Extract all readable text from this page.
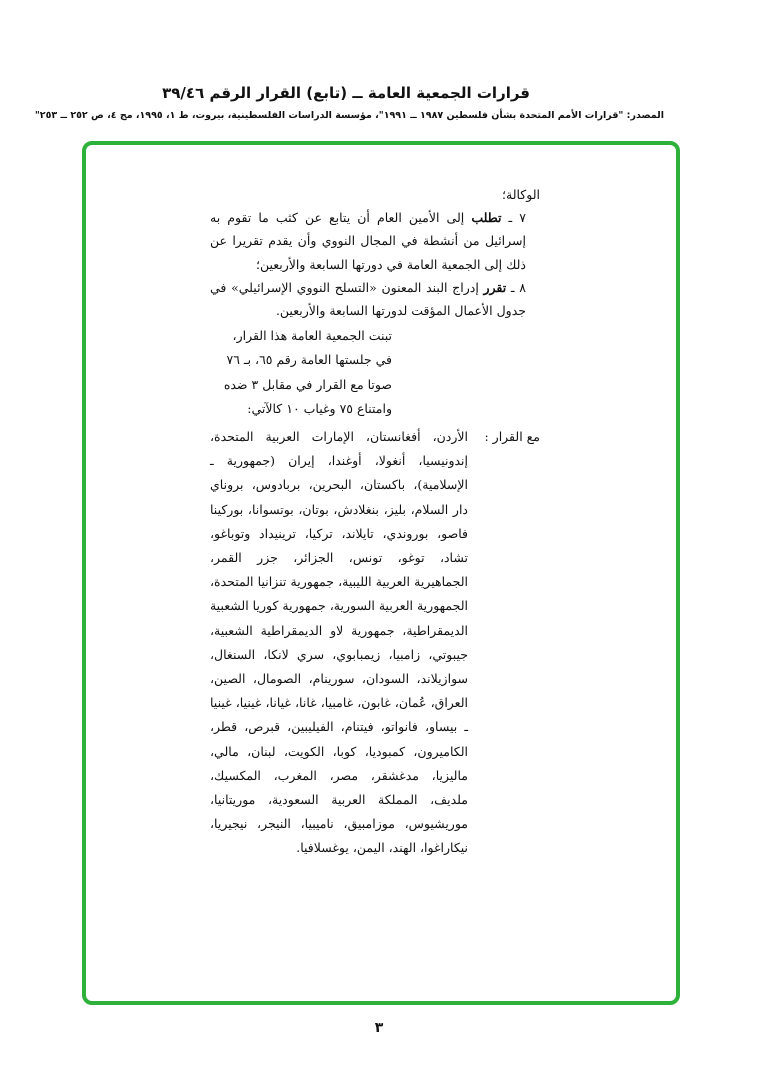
قرارات الجمعية العامة ــ (تابع) القرار الرقم ٣٩/٤٦
المصدر: "قرارات الأمم المتحدة بشأن فلسطين ١٩٨٧ ــ ١٩٩١"، مؤسسة الدراسات الفلسطينية، بيروت، ط ١، ١٩٩٥، مج ٤، ص ٢٥٢ ــ ٢٥٣"

الوكالة؛

٧ ـ تطلب إلى الأمين العام أن يتابع عن كثب ما تقوم به إسرائيل من أنشطة في المجال النووي وأن يقدم تقريرا عن ذلك إلى الجمعية العامة في دورتها السابعة والأربعين؛

٨ ـ تقرر إدراج البند المعنون «التسلح النووي الإسرائيلي» في جدول الأعمال المؤقت لدورتها السابعة والأربعين.

تبنت الجمعية العامة هذا القرار،

في جلستها العامة رقم ٦٥، بـ ٧٦

صوتا مع القرار في مقابل ٣ ضده

وامتناع ٧٥ وغياب ١٠ كالآتي:

مع القرار :

الأردن، أفغانستان، الإمارات العربية المتحدة، إندونيسيا، أنغولا، أوغندا، إيران (جمهورية ـ الإسلامية)، باكستان، البحرين، بربادوس، بروناي دار السلام، بليز، بنغلادش، بوتان، بوتسوانا، بوركينا فاصو، بوروندي، تايلاند، تركيا، ترينيداد وتوباغو، تشاد، توغو، تونس، الجزائر، جزر القمر، الجماهيرية العربية الليبية، جمهورية تنزانيا المتحدة، الجمهورية العربية السورية، جمهورية كوريا الشعبية الديمقراطية، جمهورية لاو الديمقراطية الشعبية، جيبوتي، زامبيا، زيمبابوي، سري لانكا، السنغال، سوازيلاند، السودان، سورينام، الصومال، الصين، العراق، عُمان، غابون، غامبيا، غانا، غيانا، غينيا، غينيا ـ بيساو، فانواتو، فيتنام، الفيليبين، قبرص، قطر، الكاميرون، كمبوديا، كوبا، الكويت، لبنان، مالي، ماليزيا، مدغشقر، مصر، المغرب، المكسيك، ملديف، المملكة العربية السعودية، موريتانيا، موريشيوس، موزامبيق، ناميبيا، النيجر، نيجيريا، نيكاراغوا، الهند، اليمن، يوغسلافيا.

٣
